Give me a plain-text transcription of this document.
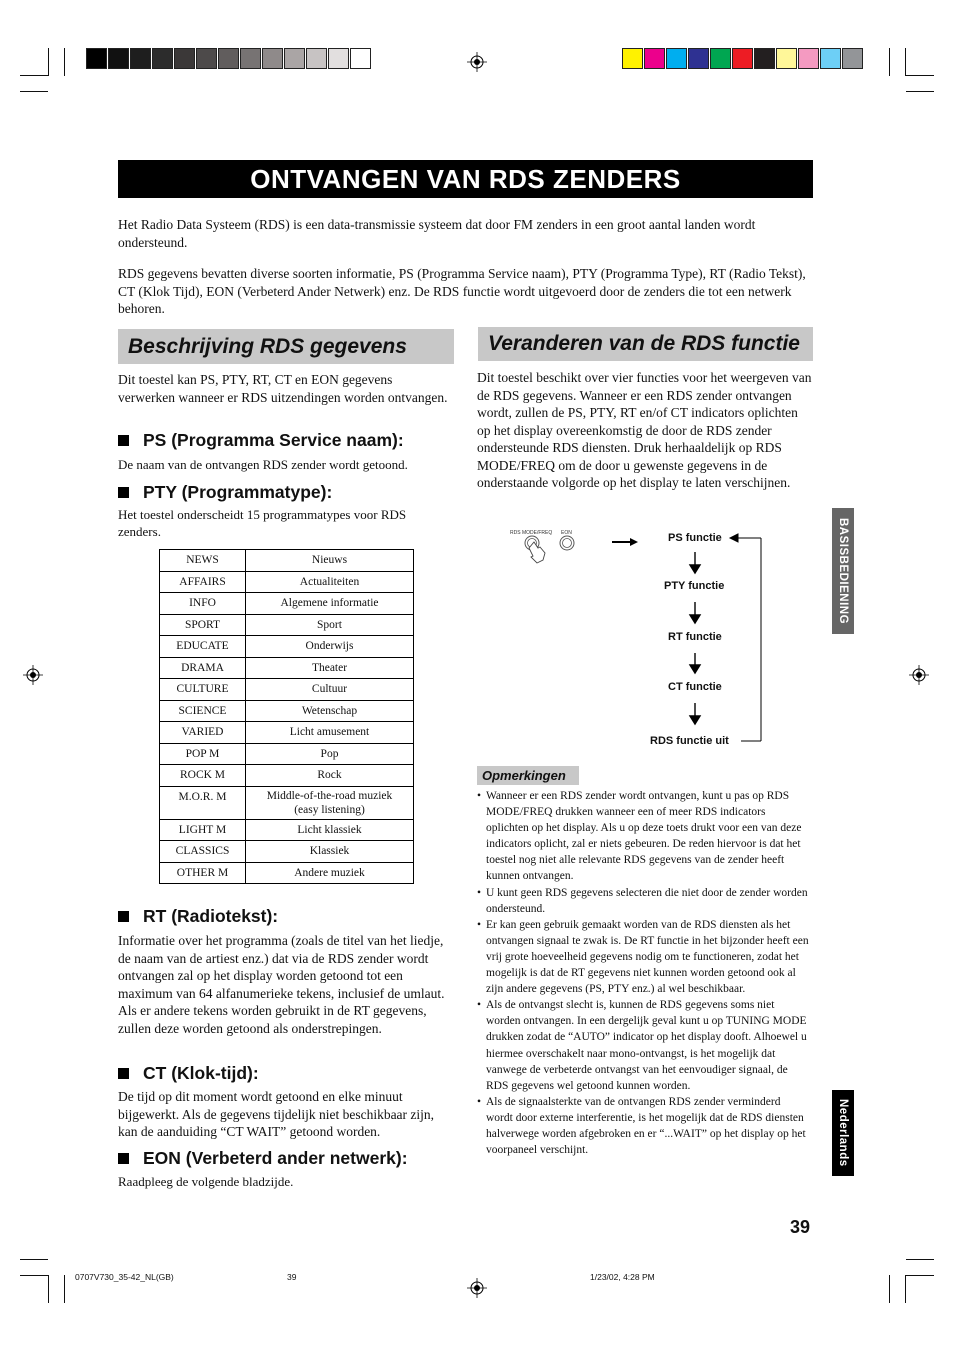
ONTVANGEN VAN RDS ZENDERS
Het Radio Data Systeem (RDS) is een data-transmissie systeem dat door FM zenders in een groot aantal landen wordt ondersteund.
RDS gegevens bevatten diverse soorten informatie, PS (Programma Service naam), PTY (Programma Type), RT (Radio Tekst), CT (Klok Tijd), EON (Verbeterd Ander Netwerk) enz. De RDS functie wordt uitgevoerd door de zenders die tot een netwerk behoren.
Beschrijving RDS gegevens
Dit toestel kan PS, PTY, RT, CT en EON gegevens verwerken wanneer er RDS uitzendingen worden ontvangen.
PS (Programma Service naam):
De naam van de ontvangen RDS zender wordt getoond.
PTY (Programmatype):
Het toestel onderscheidt 15 programmatypes voor RDS zenders.
NEWS	Nieuws

AFFAIRS	Actualiteiten

INFO	Algemene informatie

SPORT	Sport

EDUCATE	Onderwijs

DRAMA	Theater

CULTURE	Cultuur

SCIENCE	Wetenschap

VARIED	Licht amusement

POP M	Pop

ROCK M	Rock

M.O.R. M	Middle-of-the-road muziek
(easy listening)

LIGHT M	Licht klassiek

CLASSICS	Klassiek

OTHER M	Andere muziek
RT (Radiotekst):
Informatie over het programma (zoals de titel van het liedje, de naam van de artiest enz.) dat via de RDS zender wordt ontvangen zal op het display worden getoond tot een maximum van 64 alfanumerieke tekens, inclusief de umlaut. Als er andere tekens worden gebruikt in de RT gegevens, zullen deze worden getoond als onderstrepingen.
CT (Klok-tijd):
De tijd op dit moment wordt getoond en elke minuut bijgewerkt. Als de gegevens tijdelijk niet beschikbaar zijn, kan de aanduiding “CT WAIT” getoond worden.
EON (Verbeterd ander netwerk):
Raadpleeg de volgende bladzijde.
Veranderen van de RDS functie
Dit toestel beschikt over vier functies voor het weergeven van de RDS gegevens. Wanneer er een RDS zender ontvangen wordt, zullen de PS, PTY, RT en/of CT indicators oplichten op het display overeenkomstig de door de RDS zender ondersteunde RDS diensten. Druk herhaaldelijk op RDS MODE/FREQ om de door u gewenste gegevens in de onderstaande volgorde op het display te laten verschijnen.
RDS MODE/FREQ EON	PS functie
PTY functie
RT functie
CT functie
RDS functie uit
Opmerkingen
• Wanneer er een RDS zender wordt ontvangen, kunt u pas op RDS MODE/FREQ drukken wanneer een of meer RDS indicators oplichten op het display. Als u op deze toets drukt voor een van deze indicators oplicht, zal er niets gebeuren. De reden hiervoor is dat het toestel nog niet alle relevante RDS gegevens van de zender heeft kunnen ontvangen.
• U kunt geen RDS gegevens selecteren die niet door de zender worden ondersteund.
• Er kan geen gebruik gemaakt worden van de RDS diensten als het ontvangen signaal te zwak is. De RT functie in het bijzonder heeft een vrij grote hoeveelheid gegevens nodig om te functioneren, zodat het mogelijk is dat de RT gegevens niet kunnen worden getoond ook al zijn andere gegevens (PS, PTY enz.) al wel beschikbaar.
• Als de ontvangst slecht is, kunnen de RDS gegevens soms niet worden ontvangen. In een dergelijk geval kunt u op TUNING MODE drukken zodat de “AUTO” indicator op het display dooft. Alhoewel u hiermee overschakelt naar mono-ontvangst, is het mogelijk dat vanwege de verbeterde ontvangst van het eenvoudiger signaal, de RDS gegevens wel getoond kunnen worden.
• Als de signaalsterkte van de ontvangen RDS zender verminderd wordt door externe interferentie, is het mogelijk dat de RDS diensten halverwege worden afgebroken en er “...WAIT” op het display op het voorpaneel verschijnt.
BASISBEDIENING
Nederlands
39
0707V730_35-42_NL(GB)	39	1/23/02, 4:28 PM
